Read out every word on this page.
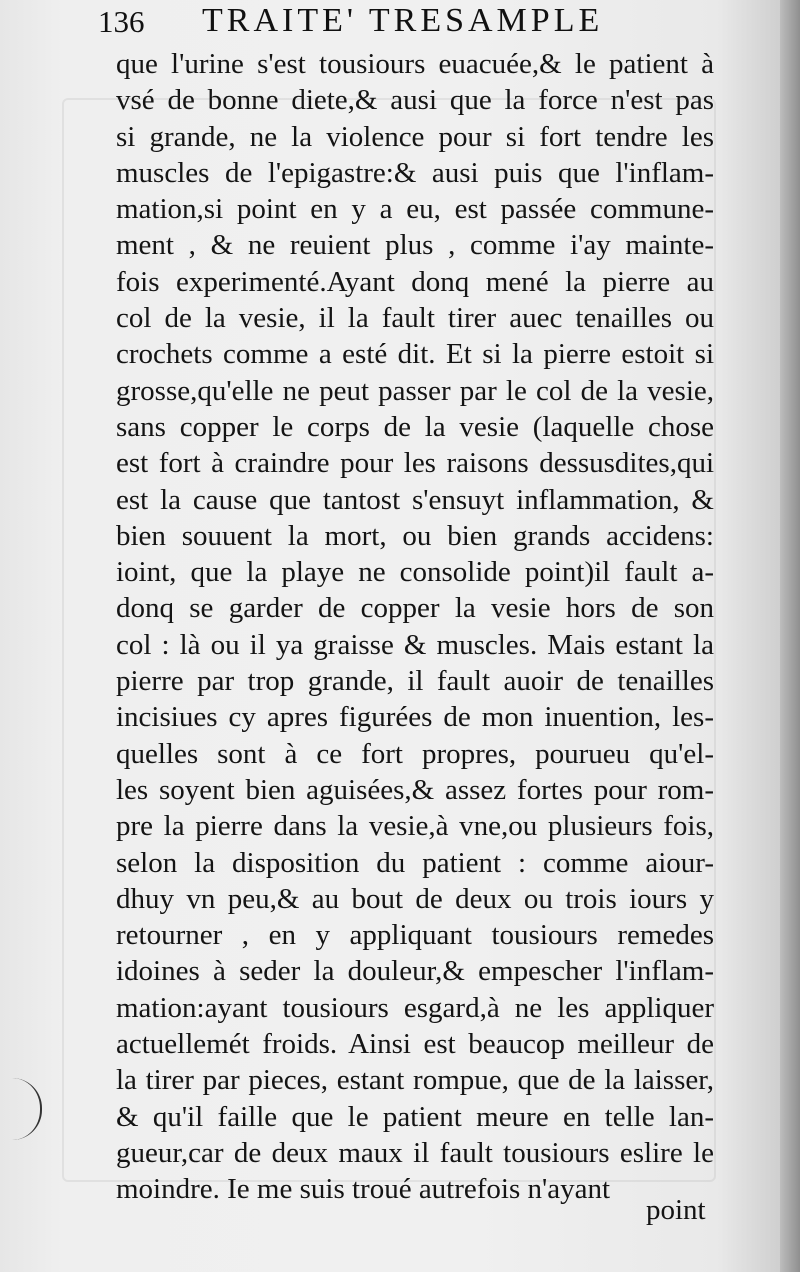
136 TRAITE' TRESAMPLE
que l'urine s'est tousiours euacuée,& le patient à
vsé de bonne diete,& ausi que la force n'est pas
si grande, ne la violence pour si fort tendre les
muscles de l'epigastre:& ausi puis que l'inflam-
mation,si point en y a eu, est passée commune-
ment , & ne reuient plus , comme i'ay mainte-
fois experimenté.Ayant donq mené la pierre au
col de la vesie, il la fault tirer auec tenailles ou
crochets comme a esté dit. Et si la pierre estoit si
grosse,qu'elle ne peut passer par le col de la vesie,
sans copper le corps de la vesie (laquelle chose
est fort à craindre pour les raisons dessusdites,qui
est la cause que tantost s'ensuyt inflammation, &
bien souuent la mort, ou bien grands accidens:
ioint, que la playe ne consolide point)il fault a-
donq se garder de copper la vesie hors de son
col : là ou il ya graisse & muscles. Mais estant la
pierre par trop grande, il fault auoir de tenailles
incisiues cy apres figurées de mon inuention, les-
quelles sont à ce fort propres, pourueu qu'el-
les soyent bien aguisées,& assez fortes pour rom-
pre la pierre dans la vesie,à vne,ou plusieurs fois,
selon la disposition du patient : comme aiour-
dhuy vn peu,& au bout de deux ou trois iours y
retourner , en y appliquant tousiours remedes
idoines à seder la douleur,& empescher l'inflam-
mation:ayant tousiours esgard,à ne les appliquer
actuellemét froids. Ainsi est beaucop meilleur de
la tirer par pieces, estant rompue, que de la laisser,
& qu'il faille que le patient meure en telle lan-
gueur,car de deux maux il fault tousiours eslire le
moindre. Ie me suis troué autrefois n'ayant
point
